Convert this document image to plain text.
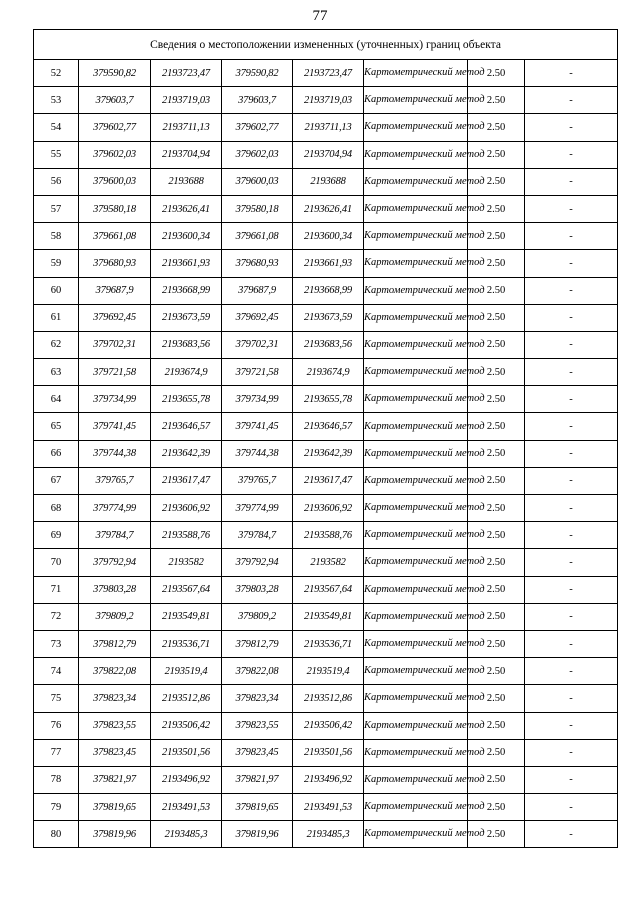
77
Сведения о местоположении измененных (уточненных) границ объекта							
52	379590,82	2193723,47	379590,82	2193723,47	Картометрический метод	2.50	-
53	379603,7	2193719,03	379603,7	2193719,03	Картометрический метод	2.50	-
54	379602,77	2193711,13	379602,77	2193711,13	Картометрический метод	2.50	-
55	379602,03	2193704,94	379602,03	2193704,94	Картометрический метод	2.50	-
56	379600,03	2193688	379600,03	2193688	Картометрический метод	2.50	-
57	379580,18	2193626,41	379580,18	2193626,41	Картометрический метод	2.50	-
58	379661,08	2193600,34	379661,08	2193600,34	Картометрический метод	2.50	-
59	379680,93	2193661,93	379680,93	2193661,93	Картометрический метод	2.50	-
60	379687,9	2193668,99	379687,9	2193668,99	Картометрический метод	2.50	-
61	379692,45	2193673,59	379692,45	2193673,59	Картометрический метод	2.50	-
62	379702,31	2193683,56	379702,31	2193683,56	Картометрический метод	2.50	-
63	379721,58	2193674,9	379721,58	2193674,9	Картометрический метод	2.50	-
64	379734,99	2193655,78	379734,99	2193655,78	Картометрический метод	2.50	-
65	379741,45	2193646,57	379741,45	2193646,57	Картометрический метод	2.50	-
66	379744,38	2193642,39	379744,38	2193642,39	Картометрический метод	2.50	-
67	379765,7	2193617,47	379765,7	2193617,47	Картометрический метод	2.50	-
68	379774,99	2193606,92	379774,99	2193606,92	Картометрический метод	2.50	-
69	379784,7	2193588,76	379784,7	2193588,76	Картометрический метод	2.50	-
70	379792,94	2193582	379792,94	2193582	Картометрический метод	2.50	-
71	379803,28	2193567,64	379803,28	2193567,64	Картометрический метод	2.50	-
72	379809,2	2193549,81	379809,2	2193549,81	Картометрический метод	2.50	-
73	379812,79	2193536,71	379812,79	2193536,71	Картометрический метод	2.50	-
74	379822,08	2193519,4	379822,08	2193519,4	Картометрический метод	2.50	-
75	379823,34	2193512,86	379823,34	2193512,86	Картометрический метод	2.50	-
76	379823,55	2193506,42	379823,55	2193506,42	Картометрический метод	2.50	-
77	379823,45	2193501,56	379823,45	2193501,56	Картометрический метод	2.50	-
78	379821,97	2193496,92	379821,97	2193496,92	Картометрический метод	2.50	-
79	379819,65	2193491,53	379819,65	2193491,53	Картометрический метод	2.50	-
80	379819,96	2193485,3	379819,96	2193485,3	Картометрический метод	2.50	-
